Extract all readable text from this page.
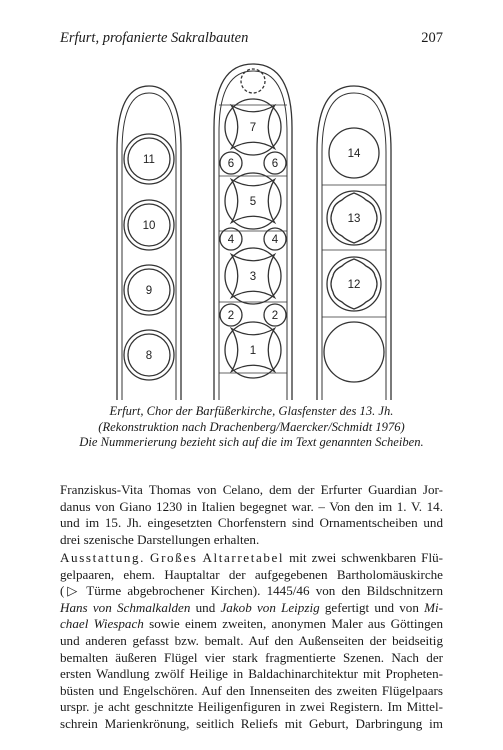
Erfurt, profanierte Sakralbauten	207
11
10
9
8
7
6	6
5
4	4
3
2	2
1
14
13
12
Erfurt, Chor der Barfüßerkirche, Glasfenster des 13. Jh.
(Rekonstruktion nach Drachenberg/Maercker/Schmidt 1976)
Die Nummerierung bezieht sich auf die im Text genannten Scheiben.
Franziskus-Vita Thomas von Celano, dem der Erfurter Guardian Jor-
danus von Giano 1230 in Italien begegnet war. – Von den im 1. V. 14.
und im 15. Jh. eingesetzten Chorfenstern sind Ornamentscheiben und
drei szenische Darstellungen erhalten.
Ausstattung. Großes Altarretabel mit zwei schwenkbaren Flü-
gelpaaren, ehem. Hauptaltar der aufgegebenen Bartholomäuskirche
(▷ Türme abgebrochener Kirchen). 1445/46 von den Bildschnitzern
Hans von Schmalkalden und Jakob von Leipzig gefertigt und von Mi-
chael Wiespach sowie einem zweiten, anonymen Maler aus Göttingen
und anderen gefasst bzw. bemalt. Auf den Außenseiten der beidseitig
bemalten äußeren Flügel vier stark fragmentierte Szenen. Nach der
ersten Wandlung zwölf Heilige in Baldachinarchitektur mit Propheten-
büsten und Engelschören. Auf den Innenseiten des zweiten Flügelpaars
urspr. je acht geschnitzte Heiligenfiguren in zwei Registern. Im Mittel-
schrein Marienkrönung, seitlich Reliefs mit Geburt, Darbringung im
